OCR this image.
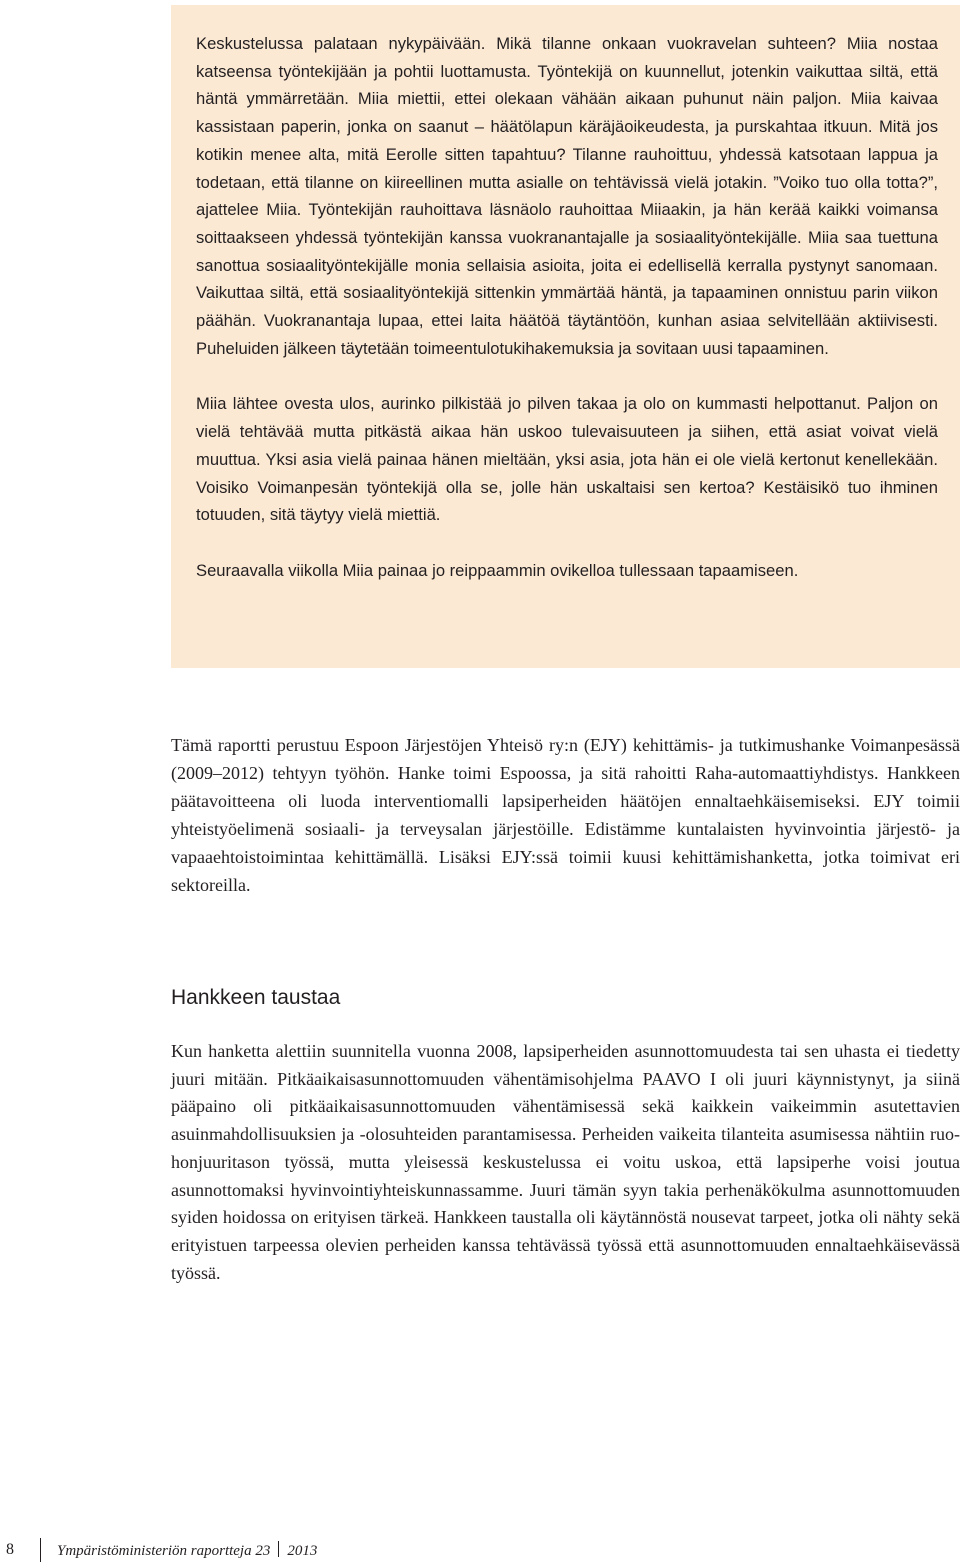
Keskustelussa palataan nykypäivään. Mikä tilanne onkaan vuokravelan suhteen? Miia nostaa katseensa työntekijään ja pohtii luottamusta. Työntekijä on kuunnellut, jotenkin vaikuttaa siltä, että häntä ymmärretään. Miia miettii, ettei olekaan vähään aikaan puhunut näin paljon. Miia kaivaa kassistaan paperin, jonka on saanut – häätölapun käräjäoikeudesta, ja purskahtaa itkuun. Mitä jos kotikin menee alta, mitä Eerolle sitten tapahtuu? Tilanne rauhoittuu, yhdessä katsotaan lappua ja todetaan, että tilanne on kiireellinen mutta asialle on tehtävissä vielä jotakin. ”Voiko tuo olla totta?”, ajattelee Miia. Työntekijän rauhoittava läsnäolo rauhoittaa Miiaakin, ja hän kerää kaikki voimansa soittaakseen yhdessä työntekijän kanssa vuokranantajalle ja sosiaalityöntekijälle. Miia saa tuettuna sanottua sosiaalityöntekijälle monia sellaisia asioita, joita ei edellisellä kerralla pystynyt sanomaan. Vaikuttaa siltä, että sosiaalityöntekijä sittenkin ymmärtää häntä, ja tapaaminen onnistuu parin viikon päähän. Vuokranantaja lupaa, ettei laita häätöä täytäntöön, kunhan asiaa selvitellään aktiivisesti. Puheluiden jälkeen täytetään toimeentulotukihakemuksia ja sovitaan uusi tapaaminen.

Miia lähtee ovesta ulos, aurinko pilkistää jo pilven takaa ja olo on kummasti helpottanut. Paljon on vielä tehtävää mutta pitkästä aikaa hän uskoo tulevaisuuteen ja siihen, että asiat voivat vielä muuttua. Yksi asia vielä painaa hänen mieltään, yksi asia, jota hän ei ole vielä kertonut kenellekään. Voisiko Voimanpesän työntekijä olla se, jolle hän uskaltaisi sen kertoa? Kestäisikö tuo ihminen totuuden, sitä täytyy vielä miettiä.

Seuraavalla viikolla Miia painaa jo reippaammin ovikelloa tullessaan tapaamiseen.

Tämä raportti perustuu Espoon Järjestöjen Yhteisö ry:n (EJY) kehittämis- ja tutkimushanke Voimanpesässä (2009–2012) tehtyyn työhön. Hanke toimi Espoossa, ja sitä rahoitti Raha-automaattiyhdistys. Hankkeen päätavoitteena oli luoda interventiomalli lapsiperheiden häätöjen ennaltaehkäisemiseksi. EJY toimii yhteistyöelimenä sosiaali- ja terveysalan järjestöille. Edistämme kuntalaisten hyvinvointia järjestö- ja vapaaehtoistoimintaa kehittämällä. Lisäksi EJY:ssä toimii kuusi kehittämishanketta, jotka toimivat eri sektoreilla.

Hankkeen taustaa

Kun hanketta alettiin suunnitella vuonna 2008, lapsiperheiden asunnottomuudesta tai sen uhasta ei tiedetty juuri mitään. Pitkäaikaisasunnottomuuden vähentämisohjelma PAAVO I oli juuri käynnistynyt, ja siinä pääpaino oli pitkäaikaisasunnottomuuden vähentämisessä sekä kaikkein vaikeimmin asutettavien asuinmahdollisuuksien ja -olosuhteiden parantamisessa. Perheiden vaikeita tilanteita asumisessa nähtiin ruohonjuuritason työssä, mutta yleisessä keskustelussa ei voitu uskoa, että lapsiperhe voisi joutua asunnottomaksi hyvinvointiyhteiskunnassamme. Juuri tämän syyn takia perhenäkökulma asunnottomuuden syiden hoidossa on erityisen tärkeä. Hankkeen taustalla oli käytännöstä nousevat tarpeet, jotka oli nähty sekä erityistuen tarpeessa olevien perheiden kanssa tehtävässä työssä että asunnottomuuden ennaltaehkäisevässä työssä.

8	Ympäristöministeriön raportteja 23 2013
